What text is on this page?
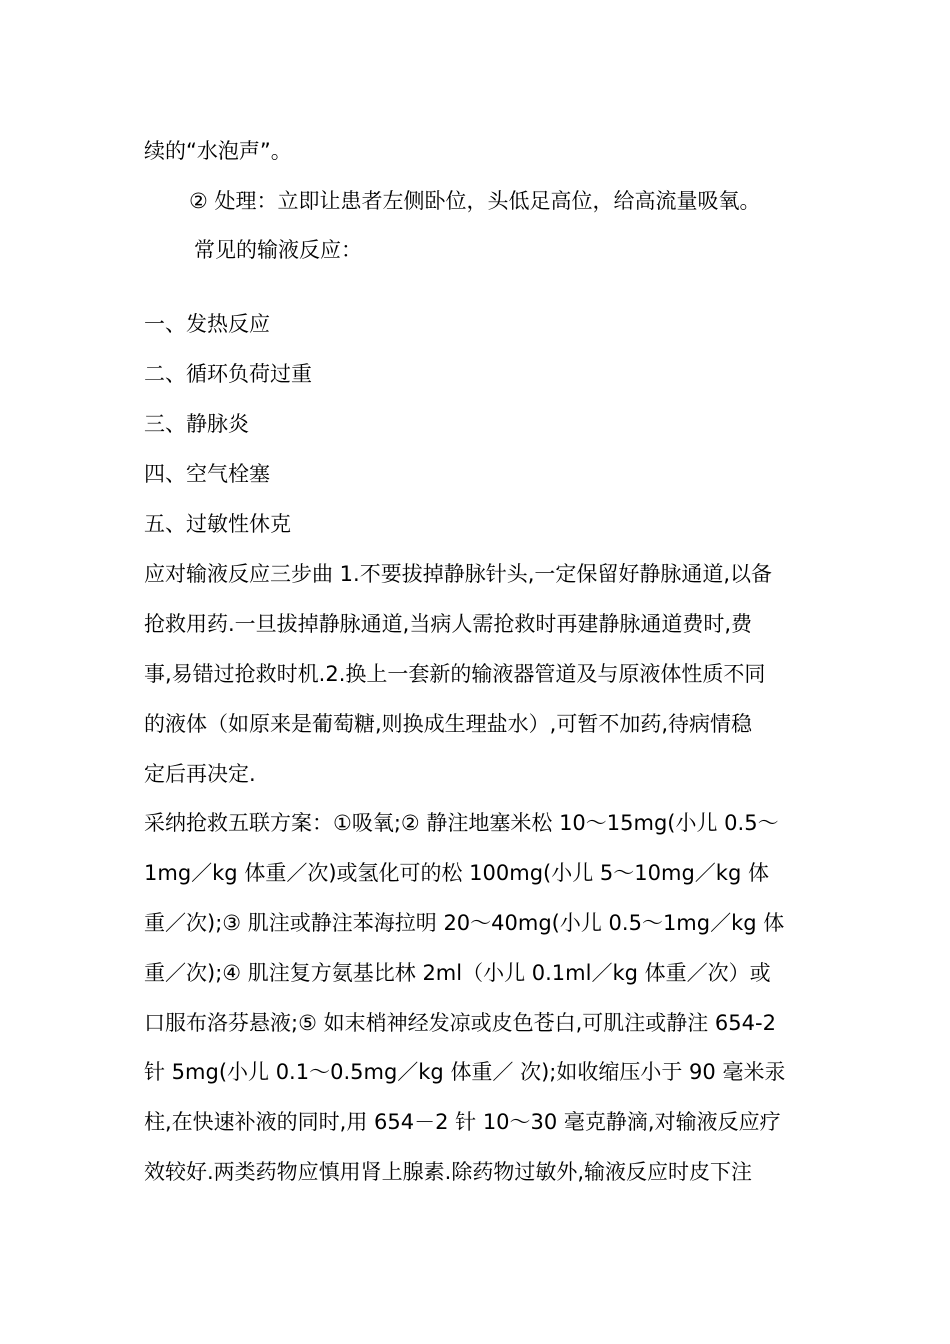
续的“水泡声”。
② 处理：立即让患者左侧卧位，头低足高位，给高流量吸氧。
常见的输液反应：
一、发热反应
二、循环负荷过重
三、静脉炎
四、空气栓塞
五、过敏性休克
应对输液反应三步曲 1.不要拔掉静脉针头,一定保留好静脉通道,以备
抢救用药.一旦拔掉静脉通道,当病人需抢救时再建静脉通道费时,费
事,易错过抢救时机.2.换上一套新的输液器管道及与原液体性质不同
的液体（如原来是葡萄糖,则换成生理盐水）,可暂不加药,待病情稳
定后再决定.
采纳抢救五联方案：①吸氧;② 静注地塞米松 10～15mg(小儿 0.5～
1mg／kg 体重／次)或氢化可的松 100mg(小儿 5～10mg／kg 体
重／次);③ 肌注或静注苯海拉明 20～40mg(小儿 0.5～1mg／kg 体
重／次);④ 肌注复方氨基比林 2ml（小儿 0.1ml／kg 体重／次）或
口服布洛芬悬液;⑤ 如末梢神经发凉或皮色苍白,可肌注或静注 654-2
针 5mg(小儿 0.1～0.5mg／kg 体重／ 次);如收缩压小于 90 毫米汞
柱,在快速补液的同时,用 654－2 针 10～30 毫克静滴,对输液反应疗
效较好.两类药物应慎用肾上腺素.除药物过敏外,输液反应时皮下注
